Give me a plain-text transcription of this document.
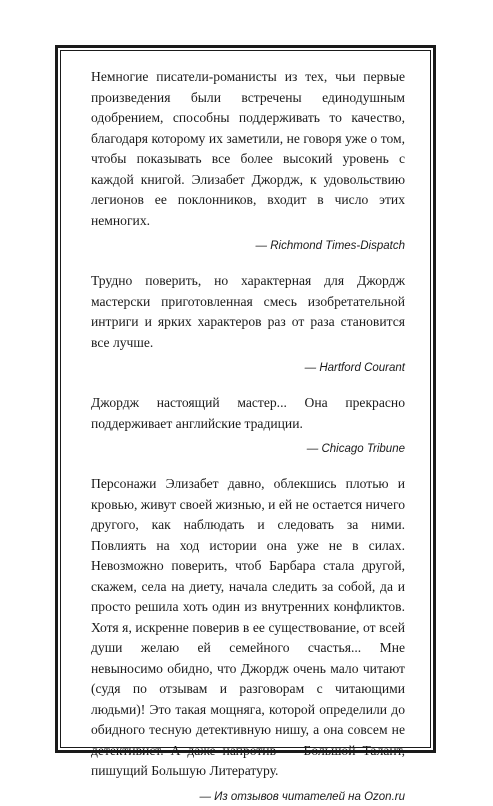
Немногие писатели-романисты из тех, чьи первые произведения были встречены единодушным одобрением, способны поддерживать то качество, благодаря которому их заметили, не говоря уже о том, чтобы показывать все более высокий уровень с каждой книгой. Элизабет Джордж, к удовольствию легионов ее поклонников, входит в число этих немногих.

— Richmond Times-Dispatch

Трудно поверить, но характерная для Джордж мастерски приготовленная смесь изобретательной интриги и ярких характеров раз от раза становится все лучше.

— Hartford Courant

Джордж настоящий мастер... Она прекрасно поддерживает английские традиции.

— Chicago Tribune

Персонажи Элизабет давно, облекшись плотью и кровью, живут своей жизнью, и ей не остается ничего другого, как наблюдать и следовать за ними. Повлиять на ход истории она уже не в силах. Невозможно поверить, чтоб Барбара стала другой, скажем, села на диету, начала следить за собой, да и просто решила хоть один из внутренних конфликтов. Хотя я, искренне поверив в ее существование, от всей души желаю ей семейного счастья... Мне невыносимо обидно, что Джордж очень мало читают (судя по отзывам и разговорам с читающими людьми)! Это такая мощняга, которой определили до обидного тесную детективную нишу, а она совсем не детективист. А даже напротив — Большой Талант, пишущий Большую Литературу.

— Из отзывов читателей на Ozon.ru
